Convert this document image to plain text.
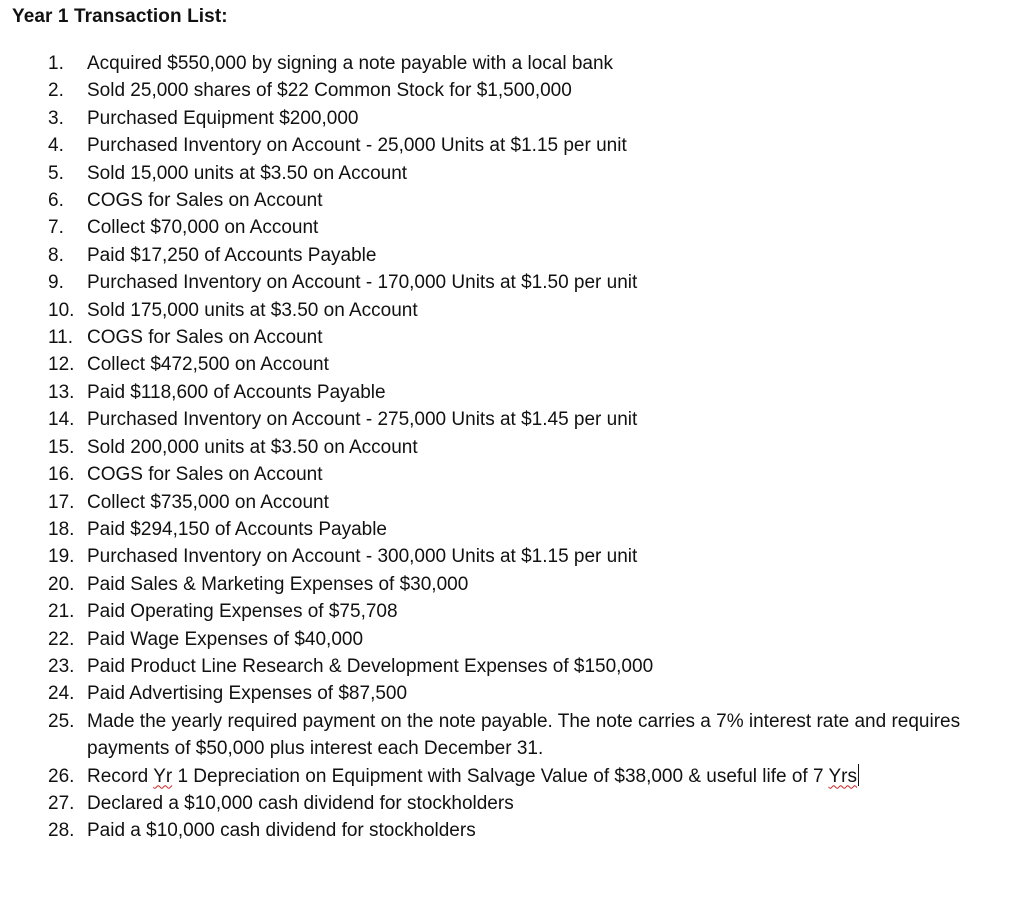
Year 1 Transaction List:
1. Acquired $550,000 by signing a note payable with a local bank
2. Sold 25,000 shares of $22 Common Stock for $1,500,000
3. Purchased Equipment $200,000
4. Purchased Inventory on Account - 25,000 Units at $1.15 per unit
5. Sold 15,000 units at $3.50 on Account
6. COGS for Sales on Account
7. Collect $70,000 on Account
8. Paid $17,250 of Accounts Payable
9. Purchased Inventory on Account - 170,000 Units at $1.50 per unit
10. Sold 175,000 units at $3.50 on Account
11. COGS for Sales on Account
12. Collect $472,500 on Account
13. Paid $118,600 of Accounts Payable
14. Purchased Inventory on Account - 275,000 Units at $1.45 per unit
15. Sold 200,000 units at $3.50 on Account
16. COGS for Sales on Account
17. Collect $735,000 on Account
18. Paid $294,150 of Accounts Payable
19. Purchased Inventory on Account - 300,000 Units at $1.15 per unit
20. Paid Sales & Marketing Expenses of $30,000
21. Paid Operating Expenses of $75,708
22. Paid Wage Expenses of $40,000
23. Paid Product Line Research & Development Expenses of $150,000
24. Paid Advertising Expenses of $87,500
25. Made the yearly required payment on the note payable. The note carries a 7% interest rate and requires payments of $50,000 plus interest each December 31.
26. Record Yr 1 Depreciation on Equipment with Salvage Value of $38,000 & useful life of 7 Yrs
27. Declared a $10,000 cash dividend for stockholders
28. Paid a $10,000 cash dividend for stockholders
